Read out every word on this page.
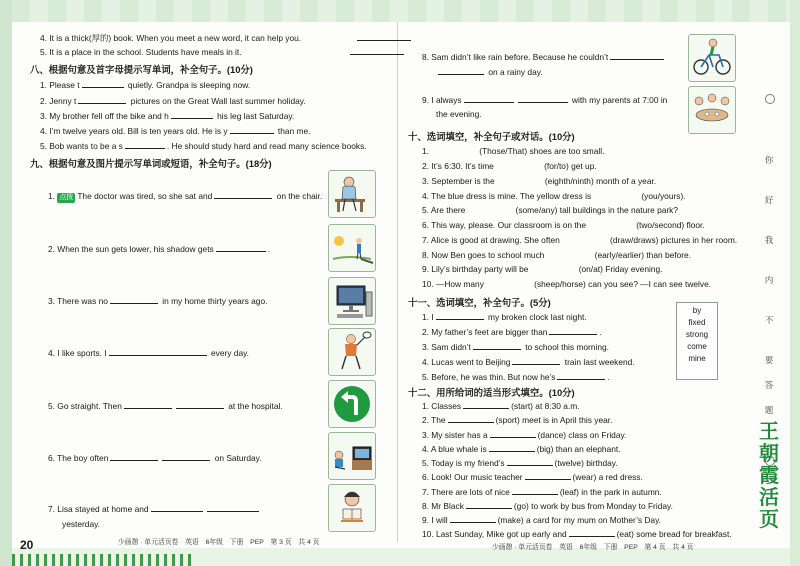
4. It is a thick(厚的) book. When you meet a new word, it can help you.
5. It is a place in the school. Students have meals in it.
八、根据句意及首字母提示写单词，补全句子。(10分)
1. Please t	quietly. Grandpa is sleeping now.
2. Jenny t	pictures on the Great Wall last summer holiday.
3. My brother fell off the bike and h	his leg last Saturday.
4. I’m twelve years old. Bill is ten years old. He is y	than me.
5. Bob wants to be a s	. He should study hard and read many science books.
九、根据句意及图片提示写单词或短语，补全句子。(18分)
1. 点拨 The doctor was tired, so she sat and	on the chair.
2. When the sun gets lower, his shadow gets	.
3. There was no	in my home thirty years ago.
4. I like sports. I	every day.
5. Go straight. Then	at the hospital.
6. The boy often	on Saturday.
7. Lisa stayed at home and
yesterday.
20	少画憩 · 单元活页卷　英语　6年级　下册　PEP　第 3 页　共 4 页
8. Sam didn’t like rain before. Because he couldn’t
on a rainy day.
9. I always	with my parents at 7:00 in
the evening.
十、选词填空，补全句子或对话。(10分)
1.　　　　　　(Those/That) shoes are too small.
2. It’s 6:30. It’s time　　　　　　(for/to) get up.
3. September is the　　　　　　(eighth/ninth) month of a year.
4. The blue dress is mine. The yellow dress is　　　　　　(you/yours).
5. Are there　　　　　　(some/any) tall buildings in the nature park?
6. This way, please. Our classroom is on the　　　　　　(two/second) floor.
7. Alice is good at drawing. She often　　　　　　(draw/draws) pictures in her room.
8. Now Ben goes to school much　　　　　　(early/earlier) than before.
9. Lily’s birthday party will be　　　　　　(on/at) Friday evening.
10. —How many　　　　　　(sheep/horse) can you see? —I can see twelve.
十一、选词填空，补全句子。(5分)
1. I	my broken clock last night.
2. My father’s feet are bigger than	.
3. Sam didn’t	to school this morning.
4. Lucas went to Beijing	train last weekend.
5. Before, he was thin. But now he’s	.
by
fixed
strong
come
mine
十二、用所给词的适当形式填空。(10分)
1. Classes	(start) at 8:30 a.m.
2. The	(sport) meet is in April this year.
3. My sister has a	(dance) class on Friday.
4. A blue whale is	(big) than an elephant.
5. Today is my friend’s	(twelve) birthday.
6. Look! Our music teacher	(wear) a red dress.
7. There are lots of nice	(leaf) in the park in autumn.
8. Mr Black	(go) to work by bus from Monday to Friday.
9. I will	(make) a card for my mum on Mother’s Day.
10. Last Sunday, Mike got up early and	(eat) some bread for breakfast.
少画憩 · 单元活页卷　英语　6年级　下册　PEP　第 4 页　共 4 页
你
好
我
内
不
要
答
题
王
朝
霞
活
页
